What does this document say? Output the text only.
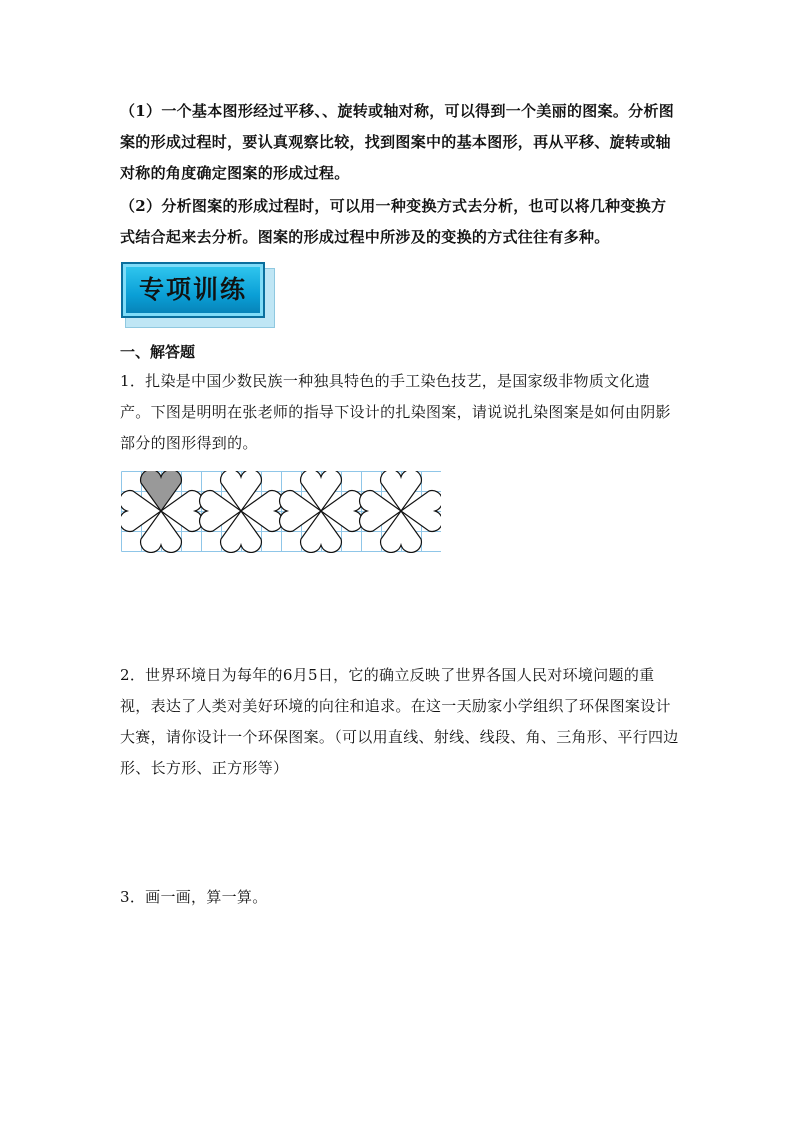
（1）一个基本图形经过平移、、旋转或轴对称，可以得到一个美丽的图案。分析图案的形成过程时，要认真观察比较，找到图案中的基本图形，再从平移、旋转或轴对称的角度确定图案的形成过程。
（2）分析图案的形成过程时，可以用一种变换方式去分析，也可以将几种变换方式结合起来去分析。图案的形成过程中所涉及的变换的方式往往有多种。
专项训练
一、解答题
1．扎染是中国少数民族一种独具特色的手工染色技艺，是国家级非物质文化遗产。下图是明明在张老师的指导下设计的扎染图案，请说说扎染图案是如何由阴影部分的图形得到的。
2．世界环境日为每年的6月5日，它的确立反映了世界各国人民对环境问题的重视，表达了人类对美好环境的向往和追求。在这一天励家小学组织了环保图案设计大赛，请你设计一个环保图案。（可以用直线、射线、线段、角、三角形、平行四边形、长方形、正方形等）
3．画一画，算一算。
